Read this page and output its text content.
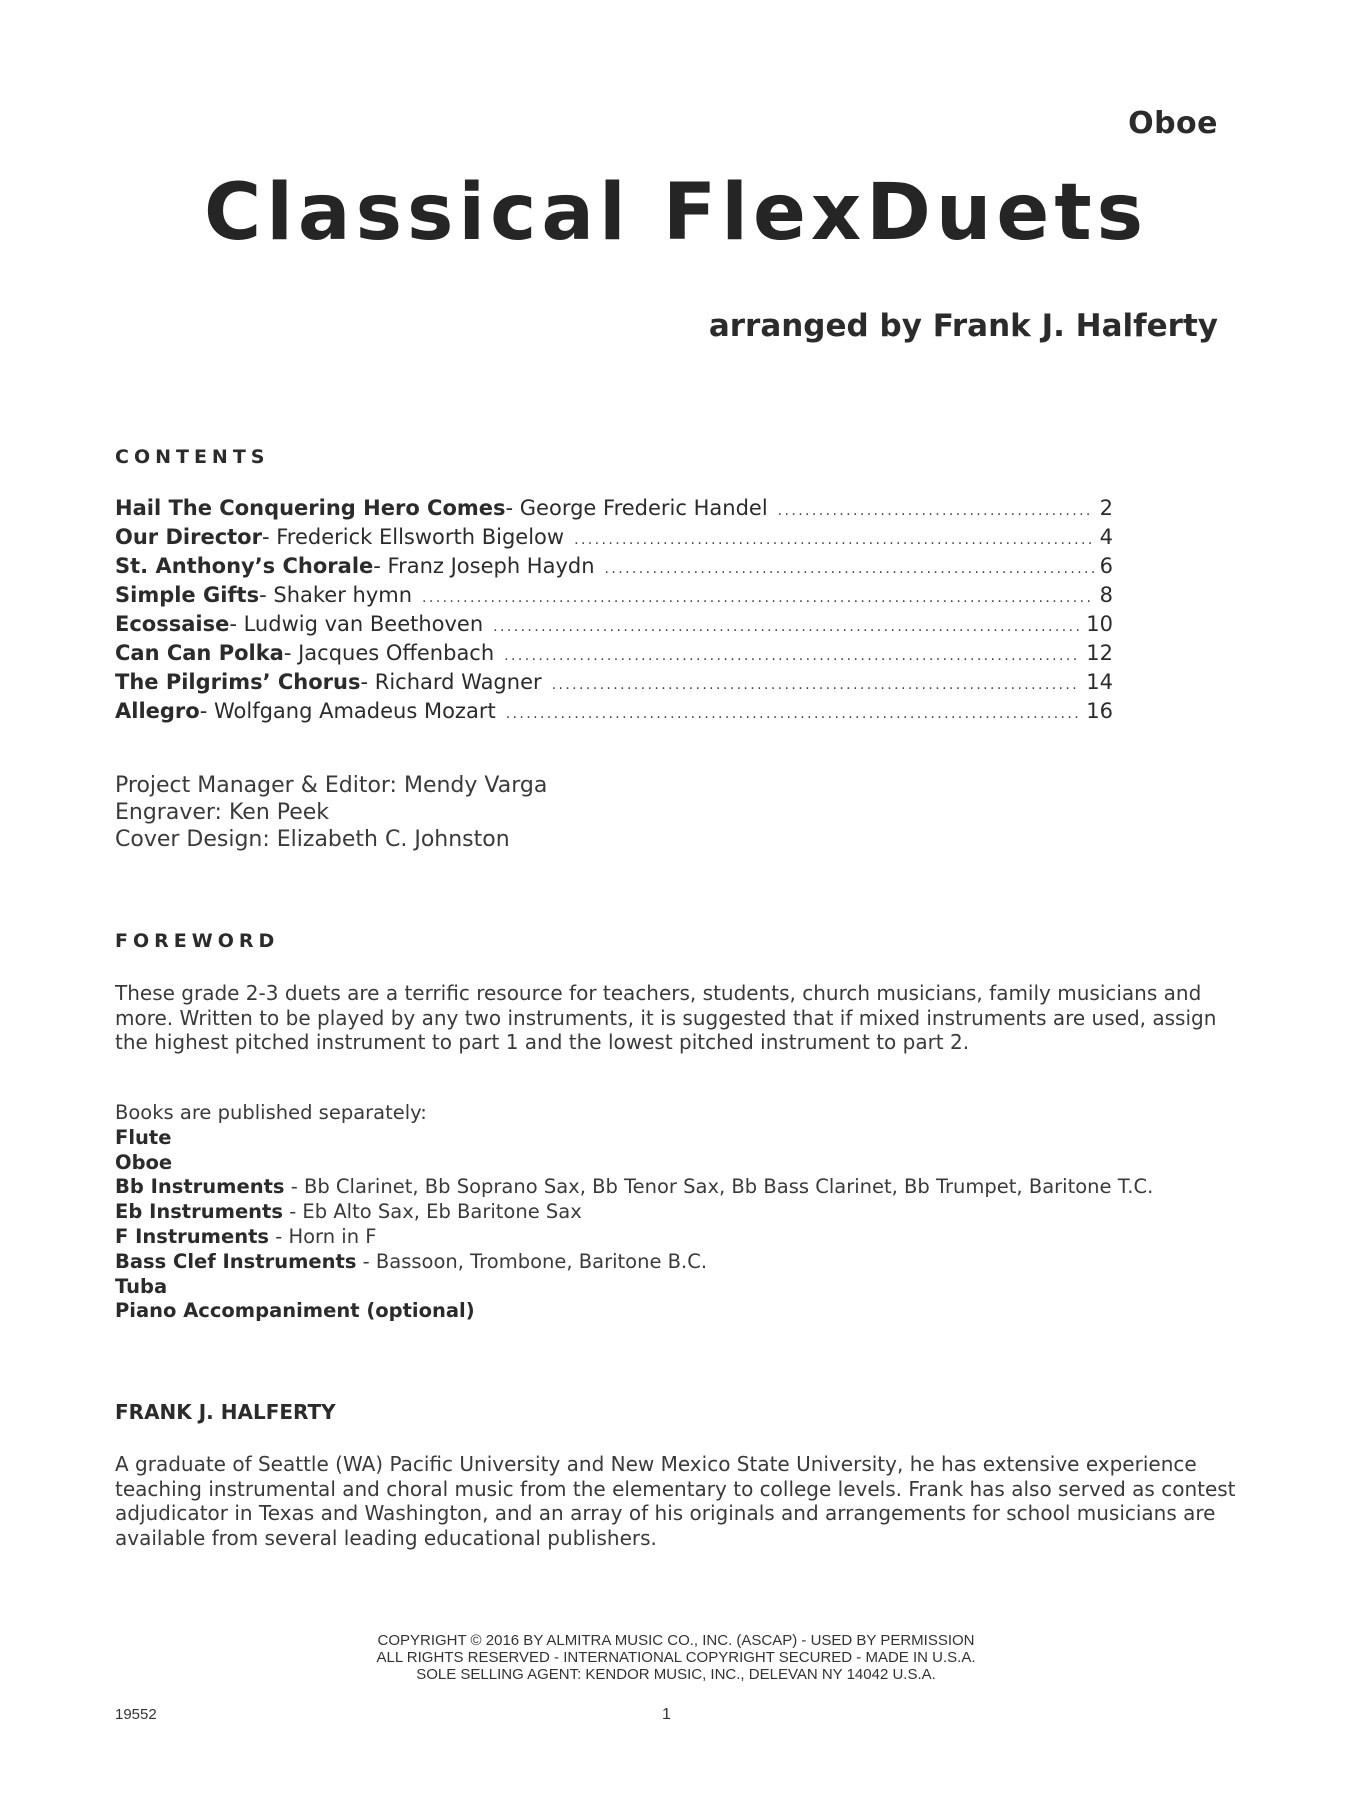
Oboe
Classical FlexDuets
arranged by Frank J. Halferty
CONTENTS
Hail The Conquering Hero Comes - George Frederic Handel .....	2
Our Director - Frederick Ellsworth Bigelow .....	4
St. Anthony’s Chorale - Franz Joseph Haydn .....	6
Simple Gifts - Shaker hymn .....	8
Ecossaise - Ludwig van Beethoven .....	10
Can Can Polka - Jacques Offenbach .....	12
The Pilgrims’ Chorus - Richard Wagner .....	14
Allegro - Wolfgang Amadeus Mozart .....	16
Project Manager & Editor: Mendy Varga
Engraver: Ken Peek
Cover Design: Elizabeth C. Johnston
FOREWORD
These grade 2-3 duets are a terrific resource for teachers, students, church musicians, family musicians and more. Written to be played by any two instruments, it is suggested that if mixed instruments are used, assign the highest pitched instrument to part 1 and the lowest pitched instrument to part 2.
Books are published separately:
Flute
Oboe
Bb Instruments - Bb Clarinet, Bb Soprano Sax, Bb Tenor Sax, Bb Bass Clarinet, Bb Trumpet, Baritone T.C.
Eb Instruments - Eb Alto Sax, Eb Baritone Sax
F Instruments - Horn in F
Bass Clef Instruments - Bassoon, Trombone, Baritone B.C.
Tuba
Piano Accompaniment (optional)
FRANK J. HALFERTY
A graduate of Seattle (WA) Pacific University and New Mexico State University, he has extensive experience teaching instrumental and choral music from the elementary to college levels. Frank has also served as contest adjudicator in Texas and Washington, and an array of his originals and arrangements for school musicians are available from several leading educational publishers.
COPYRIGHT © 2016 BY ALMITRA MUSIC CO., INC. (ASCAP) - USED BY PERMISSION
ALL RIGHTS RESERVED - INTERNATIONAL COPYRIGHT SECURED - MADE IN U.S.A.
SOLE SELLING AGENT: KENDOR MUSIC, INC., DELEVAN NY 14042 U.S.A.
19552	1
